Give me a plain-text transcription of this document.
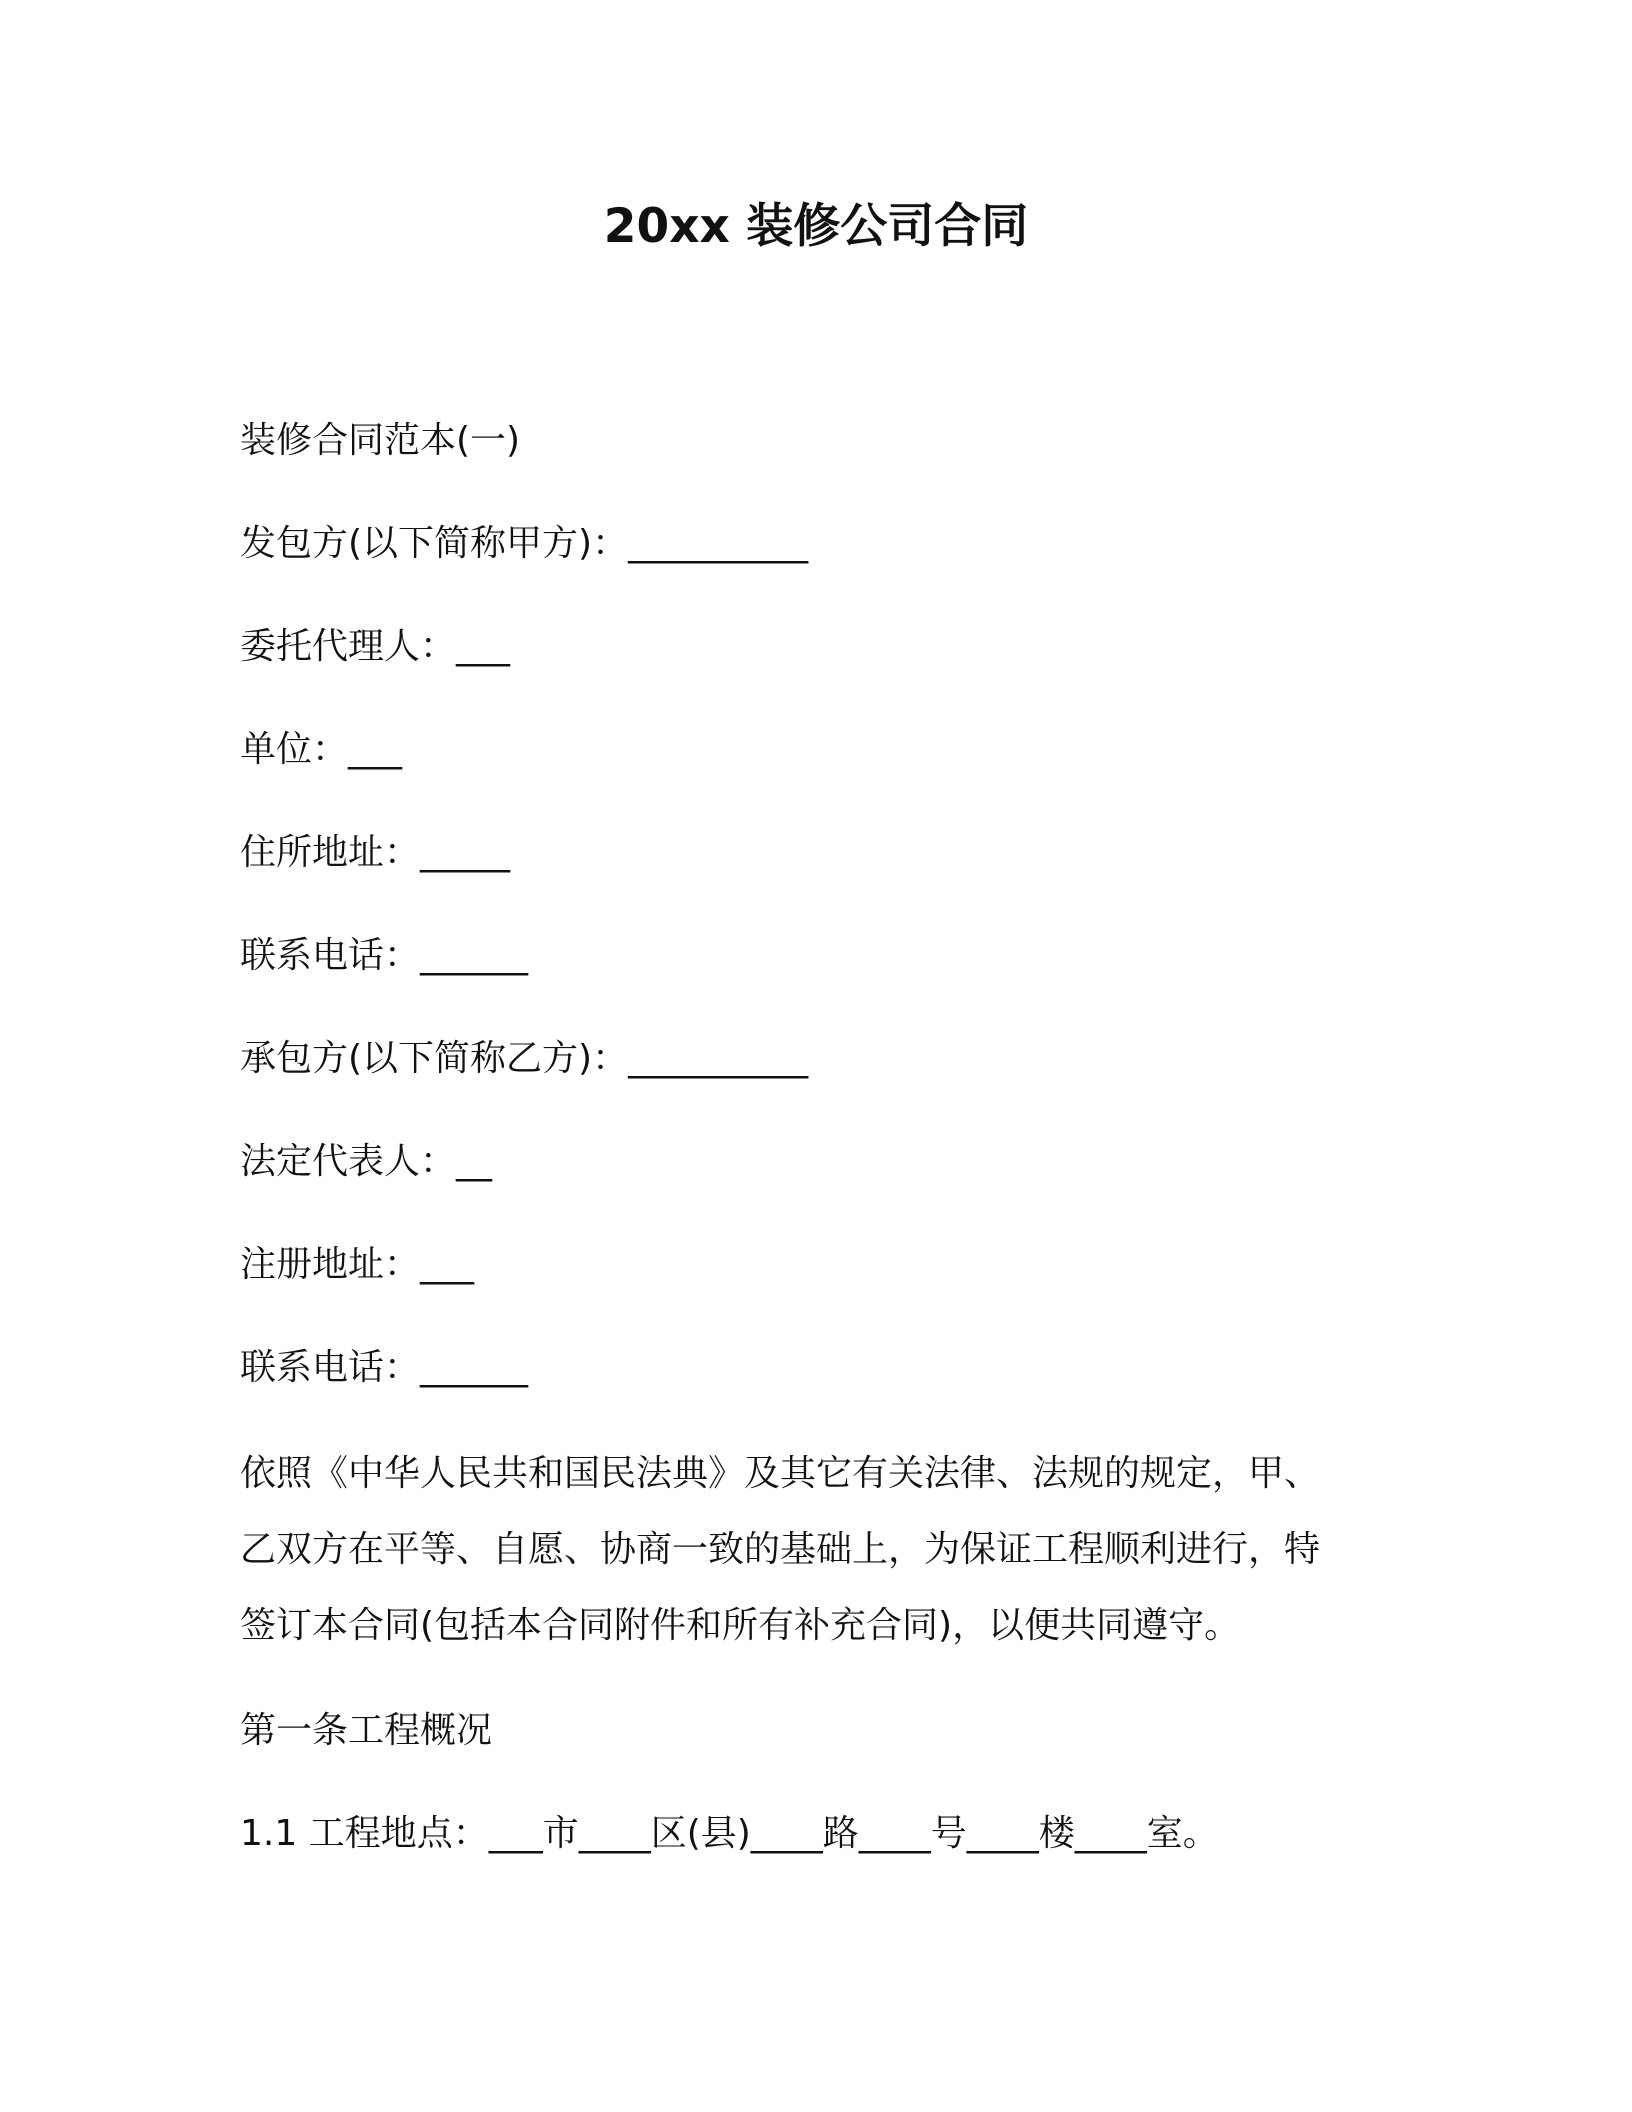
20xx 装修公司合同
装修合同范本(一)
发包方(以下简称甲方)：__________
委托代理人：___
单位：___
住所地址：_____
联系电话：______
承包方(以下简称乙方)：__________
法定代表人：__
注册地址：___
联系电话：______
依照《中华人民共和国民法典》及其它有关法律、法规的规定，甲、
乙双方在平等、自愿、协商一致的基础上，为保证工程顺利进行，特
签订本合同(包括本合同附件和所有补充合同)，以便共同遵守。
第一条工程概况
1.1 工程地点：___市____区(县)____路____号____楼____室。
